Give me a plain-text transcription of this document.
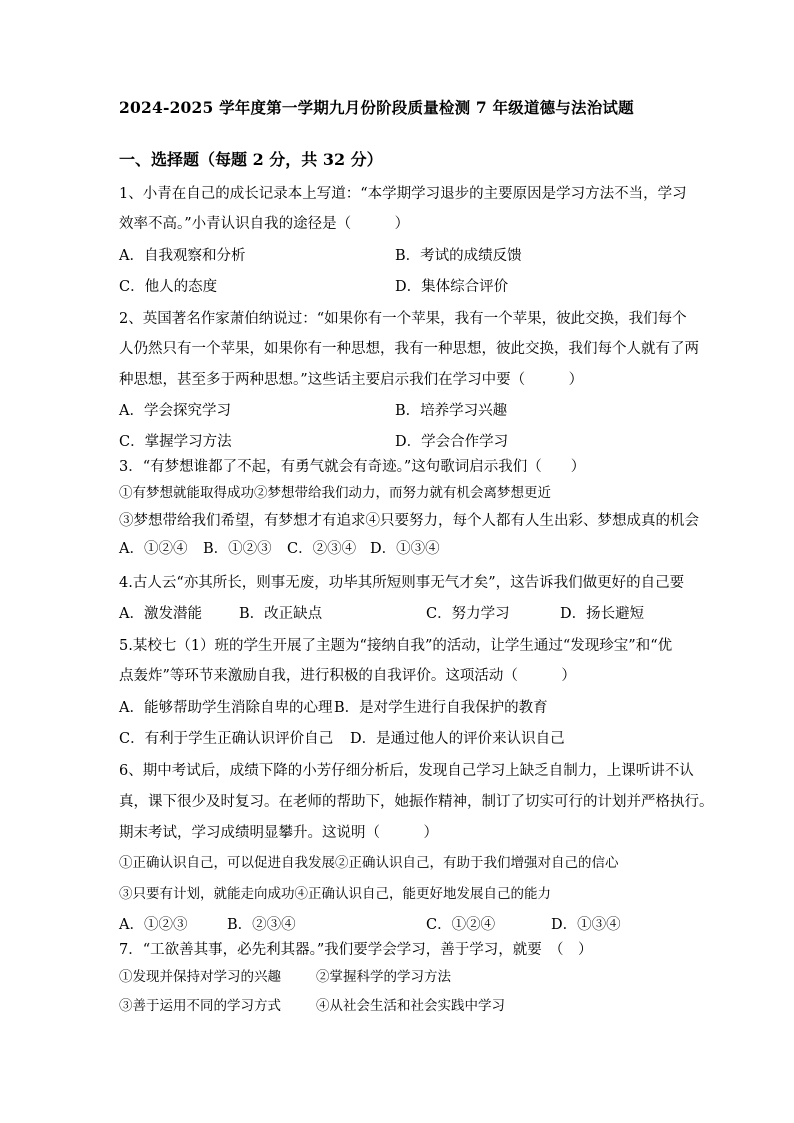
2024-2025 学年度第一学期九月份阶段质量检测 7 年级道德与法治试题
一、选择题（每题 2 分，共 32 分）
1、小青在自己的成长记录本上写道：“本学期学习退步的主要原因是学习方法不当，学习
效率不高。”小青认识自我的途径是（　　　）
A．自我观察和分析	B．考试的成绩反馈
C．他人的态度	D．集体综合评价
2、英国著名作家萧伯纳说过：“如果你有一个苹果，我有一个苹果，彼此交换，我们每个
人仍然只有一个苹果，如果你有一种思想，我有一种思想，彼此交换，我们每个人就有了两
种思想，甚至多于两种思想。”这些话主要启示我们在学习中要（　　　）
A．学会探究学习	B．培养学习兴趣
C．掌握学习方法	D．学会合作学习
3．“有梦想谁都了不起，有勇气就会有奇迹。”这句歌词启示我们（　　）
①有梦想就能取得成功②梦想带给我们动力，而努力就有机会离梦想更近
③梦想带给我们希望，有梦想才有追求④只要努力，每个人都有人生出彩、梦想成真的机会
A．①②④ B．①②③ C．②③④ D．①③④
4.古人云“亦其所长，则事无废，功毕其所短则事无气才矣”，这告诉我们做更好的自己要
A．激发潜能	B．改正缺点	C．努力学习	D．扬长避短
5.某校七（1）班的学生开展了主题为“接纳自我”的活动，让学生通过“发现珍宝”和“优
点轰炸”等环节来激励自我，进行积极的自我评价。这项活动（　　　）
A．能够帮助学生消除自卑的心理 B．是对学生进行自我保护的教育
C．有利于学生正确认识评价自己 D．是通过他人的评价来认识自己
6、期中考试后，成绩下降的小芳仔细分析后，发现自己学习上缺乏自制力，上课听讲不认
真，课下很少及时复习。在老师的帮助下，她振作精神，制订了切实可行的计划并严格执行。
期末考试，学习成绩明显攀升。这说明（　　　）
①正确认识自己，可以促进自我发展②正确认识自己，有助于我们增强对自己的信心
③只要有计划，就能走向成功④正确认识自己，能更好地发展自己的能力
A．①②③	B．②③④	C．①②④	D．①③④
7．“工欲善其事，必先利其器。”我们要学会学习，善于学习，就要　（　）
①发现并保持对学习的兴趣	②掌握科学的学习方法
③善于运用不同的学习方式	④从社会生活和社会实践中学习
